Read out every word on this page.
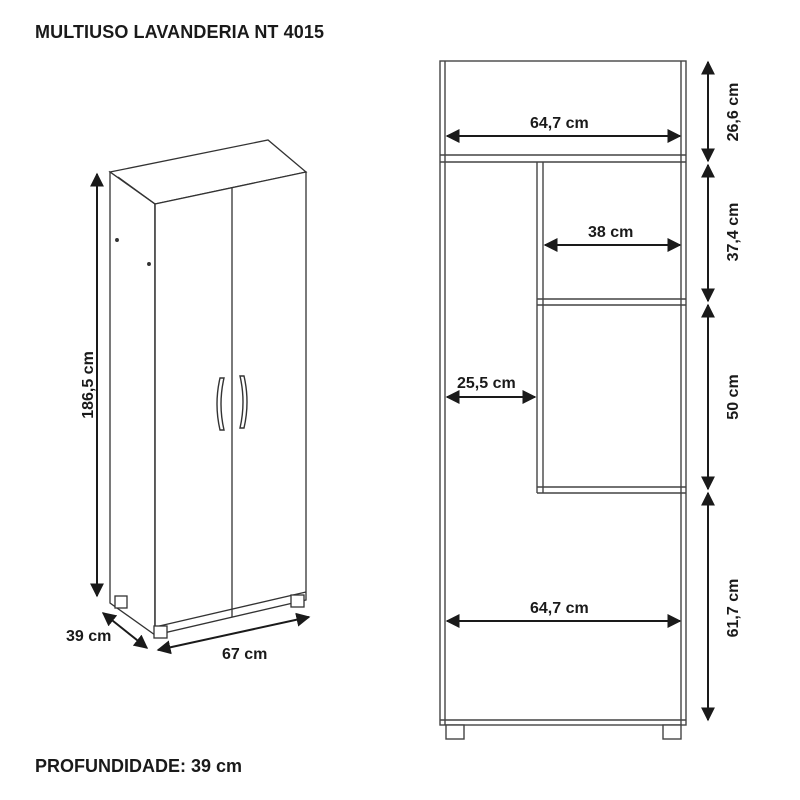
MULTIUSO LAVANDERIA NT 4015
186,5 cm
39 cm
67 cm
64,7 cm
38 cm
25,5 cm
64,7 cm
26,6 cm
37,4 cm
50 cm
61,7 cm
PROFUNDIDADE: 39 cm
